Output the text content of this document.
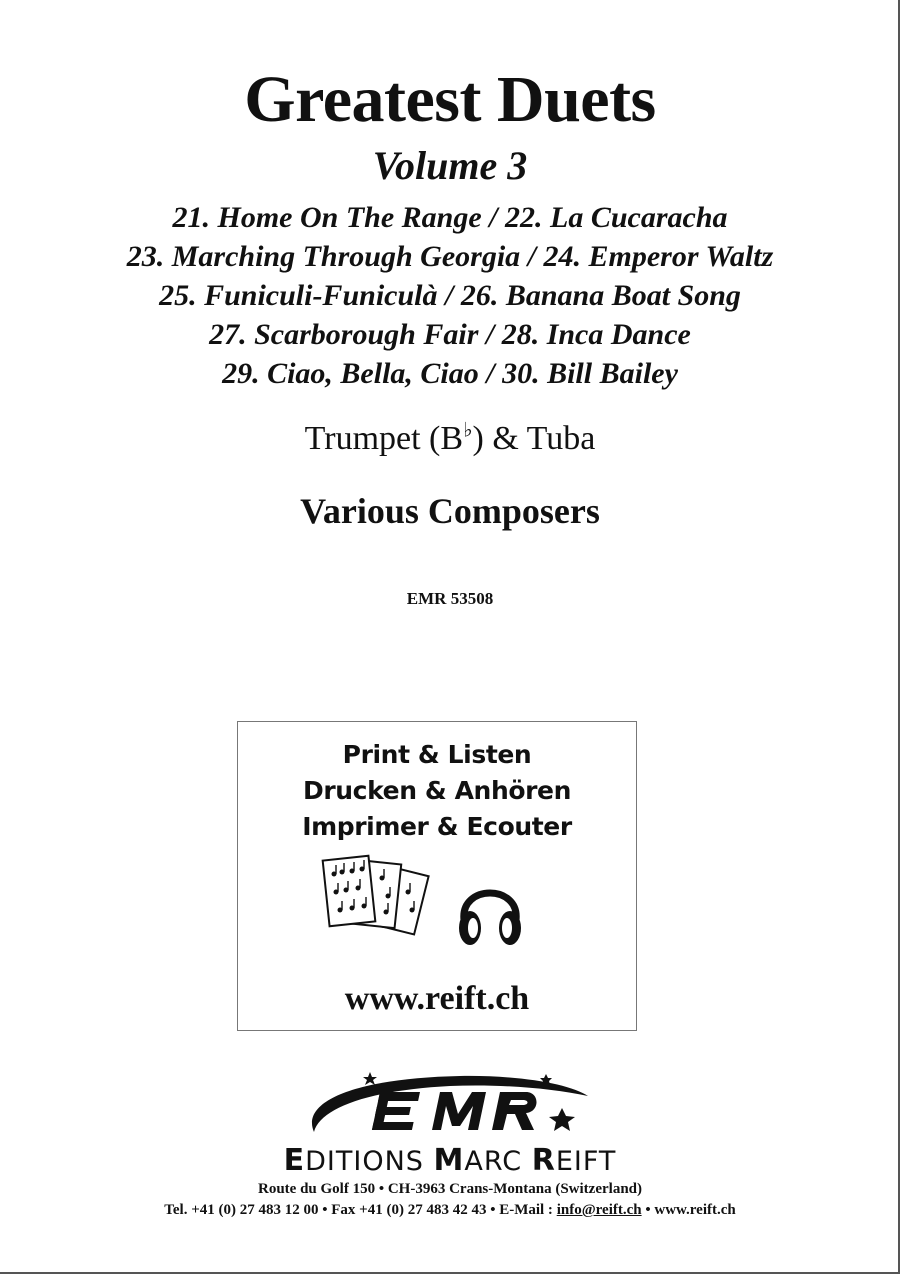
Greatest Duets
Volume 3
21. Home On The Range / 22. La Cucaracha
23. Marching Through Georgia / 24. Emperor Waltz
25. Funiculi-Funiculà / 26. Banana Boat Song
27. Scarborough Fair / 28. Inca Dance
29. Ciao, Bella, Ciao / 30. Bill Bailey
Trumpet (B♭) & Tuba
Various Composers
EMR 53508
Print & Listen
Drucken & Anhören
Imprimer & Ecouter
www.reift.ch
EDITIONS MARC REIFT
Route du Golf 150 • CH-3963 Crans-Montana (Switzerland)
Tel. +41 (0) 27 483 12 00 • Fax +41 (0) 27 483 42 43 • E-Mail : info@reift.ch • www.reift.ch
